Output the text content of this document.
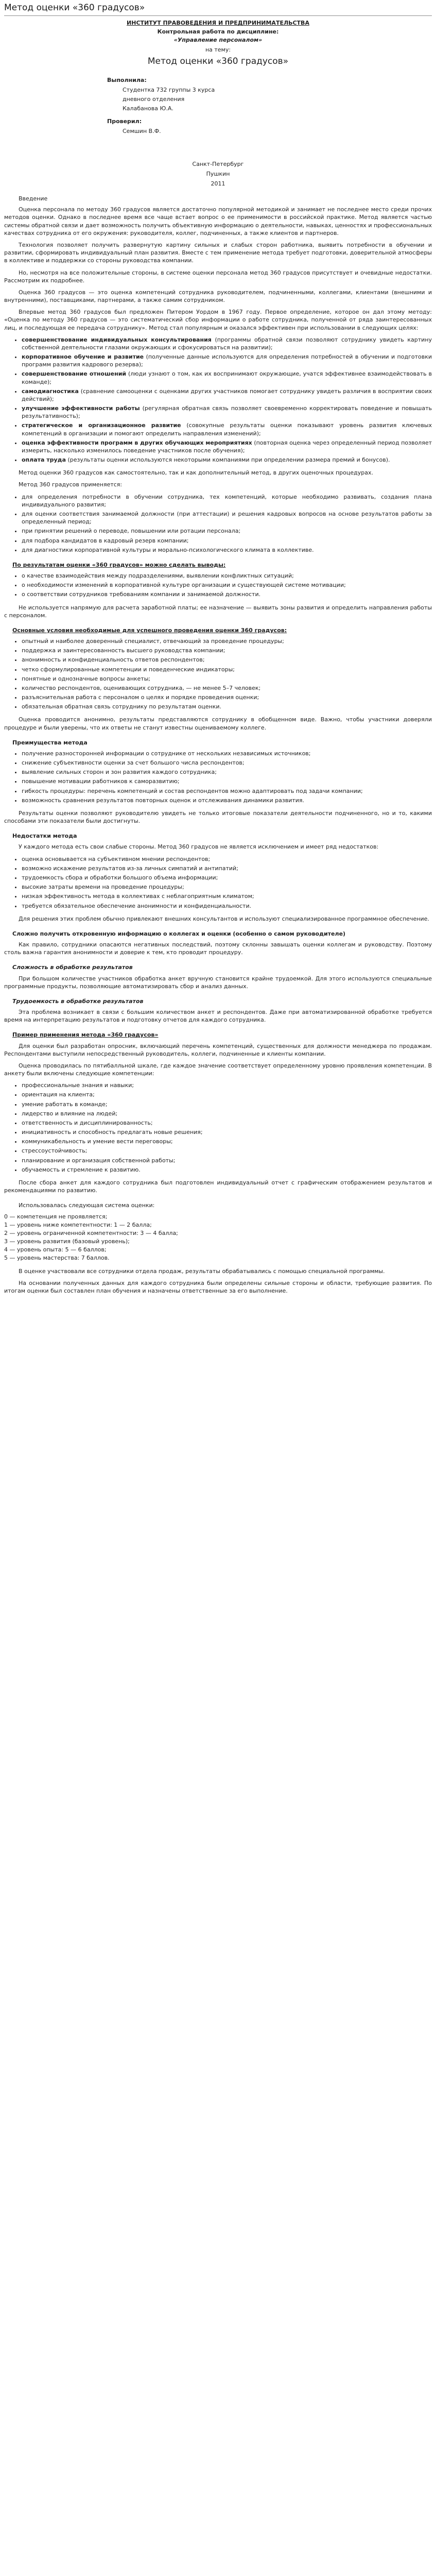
Метод оценки «360 градусов»
ИНСТИТУТ ПРАВОВЕДЕНИЯ И ПРЕДПРИНИМАТЕЛЬСТВА
Контрольная работа по дисциплине:
«Управление персоналом»
на тему:
Метод оценки «360 градусов»
Выполнила:
Студентка 732 группы 3 курса
дневного отделения
Калабанова Ю.А.
Проверил:
Семшин В.Ф.
Санкт-Петербург
Пушкин
2011
Введение

Оценка персонала по методу 360 градусов является достаточно популярной методикой и занимает не последнее место среди прочих методов оценки. Однако в последнее время все чаще встает вопрос о ее применимости в российской практике. Метод является частью системы обратной связи и дает возможность получить объективную информацию о деятельности, навыках, ценностях и профессиональных качествах сотрудника от его окружения: руководителя, коллег, подчиненных, а также клиентов и партнеров.

Технология позволяет получить развернутую картину сильных и слабых сторон работника, выявить потребности в обучении и развитии, сформировать индивидуальный план развития. Вместе с тем применение метода требует подготовки, доверительной атмосферы в коллективе и поддержки со стороны руководства компании.

Но, несмотря на все положительные стороны, в системе оценки персонала метод 360 градусов присутствует и очевидные недостатки. Рассмотрим их подробнее.

Оценка 360 градусов — это оценка компетенций сотрудника руководителем, подчиненными, коллегами, клиентами (внешними и внутренними), поставщиками, партнерами, а также самим сотрудником.

Впервые метод 360 градусов был предложен Питером Уордом в 1967 году. Первое определение, которое он дал этому методу: «Оценка по методу 360 градусов — это систематический сбор информации о работе сотрудника, полученной от ряда заинтересованных лиц, и последующая ее передача сотруднику». Метод стал популярным и оказался эффективен при использовании в следующих целях:

• совершенствование индивидуальных консультирования (программы обратной связи позволяют сотруднику увидеть картину собственной деятельности глазами окружающих и сфокусироваться на развитии);
• корпоративное обучение и развитие (полученные данные используются для определения потребностей в обучении и подготовки программ развития кадрового резерва);
• совершенствование отношений (люди узнают о том, как их воспринимают окружающие, учатся эффективнее взаимодействовать в команде);
• самодиагностика (сравнение самооценки с оценками других участников помогает сотруднику увидеть различия в восприятии своих действий);
• улучшение эффективности работы (регулярная обратная связь позволяет своевременно корректировать поведение и повышать результативность);
• стратегическое и организационное развитие (совокупные результаты оценки показывают уровень развития ключевых компетенций в организации и помогают определить направления изменений);
• оценка эффективности программ в других обучающих мероприятиях (повторная оценка через определенный период позволяет измерить, насколько изменилось поведение участников после обучения);
• оплата труда (результаты оценки используются некоторыми компаниями при определении размера премий и бонусов).

Метод оценки 360 градусов как самостоятельно, так и как дополнительный метод, в других оценочных процедурах.

Метод 360 градусов применяется:

• для определения потребности в обучении сотрудника, тех компетенций, которые необходимо развивать, создания плана индивидуального развития;
• для оценки соответствия занимаемой должности (при аттестации) и решения кадровых вопросов на основе результатов работы за определенный период;
• при принятии решений о переводе, повышении или ротации персонала;
• для подбора кандидатов в кадровый резерв компании;
• для диагностики корпоративной культуры и морально-психологического климата в коллективе.
По результатам оценки «360 градусов» можно сделать выводы:
• о качестве взаимодействия между подразделениями, выявлении конфликтных ситуаций;
• о необходимости изменений в корпоративной культуре организации и существующей системе мотивации;
• о соответствии сотрудников требованиям компании и занимаемой должности.

Не используется напрямую для расчета заработной платы; ее назначение — выявить зоны развития и определить направления работы с персоналом.

Основные условия необходимые для успешного проведения оценки 360 градусов:
• опытный и наиболее доверенный специалист, отвечающий за проведение процедуры;
• поддержка и заинтересованность высшего руководства компании;
• анонимность и конфиденциальность ответов респондентов;
• четко сформулированные компетенции и поведенческие индикаторы;
• понятные и однозначные вопросы анкеты;
• количество респондентов, оценивающих сотрудника, — не менее 5–7 человек;
• разъяснительная работа с персоналом о целях и порядке проведения оценки;
• обязательная обратная связь сотруднику по результатам оценки.

Оценка проводится анонимно, результаты представляются сотруднику в обобщенном виде. Важно, чтобы участники доверяли процедуре и были уверены, что их ответы не станут известны оцениваемому коллеге.

Преимущества метода
• получение разносторонней информации о сотруднике от нескольких независимых источников;
• снижение субъективности оценки за счет большого числа респондентов;
• выявление сильных сторон и зон развития каждого сотрудника;
• повышение мотивации работников к саморазвитию;
• гибкость процедуры: перечень компетенций и состав респондентов можно адаптировать под задачи компании;
• возможность сравнения результатов повторных оценок и отслеживания динамики развития.

Результаты оценки позволяют руководителю увидеть не только итоговые показатели деятельности подчиненного, но и то, какими способами эти показатели были достигнуты.

Недостатки метода

У каждого метода есть свои слабые стороны. Метод 360 градусов не является исключением и имеет ряд недостатков:

• оценка основывается на субъективном мнении респондентов;
• возможно искажение результатов из-за личных симпатий и антипатий;
• трудоемкость сбора и обработки большого объема информации;
• высокие затраты времени на проведение процедуры;
• низкая эффективность метода в коллективах с неблагоприятным климатом;
• требуется обязательное обеспечение анонимности и конфиденциальности.

Для решения этих проблем обычно привлекают внешних консультантов и используют специализированное программное обеспечение.

Сложно получить откровенную информацию о коллегах и оценки (особенно о самом руководителе)

Как правило, сотрудники опасаются негативных последствий, поэтому склонны завышать оценки коллегам и руководству. Поэтому столь важна гарантия анонимности и доверие к тем, кто проводит процедуру.

Сложность в обработке результатов

При большом количестве участников обработка анкет вручную становится крайне трудоемкой. Для этого используются специальные программные продукты, позволяющие автоматизировать сбор и анализ данных.

Трудоемкость в обработке результатов

Эта проблема возникает в связи с большим количеством анкет и респондентов. Даже при автоматизированной обработке требуется время на интерпретацию результатов и подготовку отчетов для каждого сотрудника.

Пример применения метода «360 градусов»

Для оценки был разработан опросник, включающий перечень компетенций, существенных для должности менеджера по продажам. Респондентами выступили непосредственный руководитель, коллеги, подчиненные и клиенты компании.

Оценка проводилась по пятибалльной шкале, где каждое значение соответствует определенному уровню проявления компетенции. В анкету были включены следующие компетенции:

• профессиональные знания и навыки;
• ориентация на клиента;
• умение работать в команде;
• лидерство и влияние на людей;
• ответственность и дисциплинированность;
• инициативность и способность предлагать новые решения;
• коммуникабельность и умение вести переговоры;
• стрессоустойчивость;
• планирование и организация собственной работы;
• обучаемость и стремление к развитию.

После сбора анкет для каждого сотрудника был подготовлен индивидуальный отчет с графическим отображением результатов и рекомендациями по развитию.

Использовалась следующая система оценки:
0 — компетенция не проявляется;
1 — уровень ниже компетентности: 1 — 2 балла;
2 — уровень ограниченной компетентности: 3 — 4 балла;
3 — уровень развития (базовый уровень);
4 — уровень опыта: 5 — 6 баллов;
5 — уровень мастерства: 7 баллов.

В оценке участвовали все сотрудники отдела продаж, результаты обрабатывались с помощью специальной программы.

На основании полученных данных для каждого сотрудника были определены сильные стороны и области, требующие развития. По итогам оценки был составлен план обучения и назначены ответственные за его выполнение.
